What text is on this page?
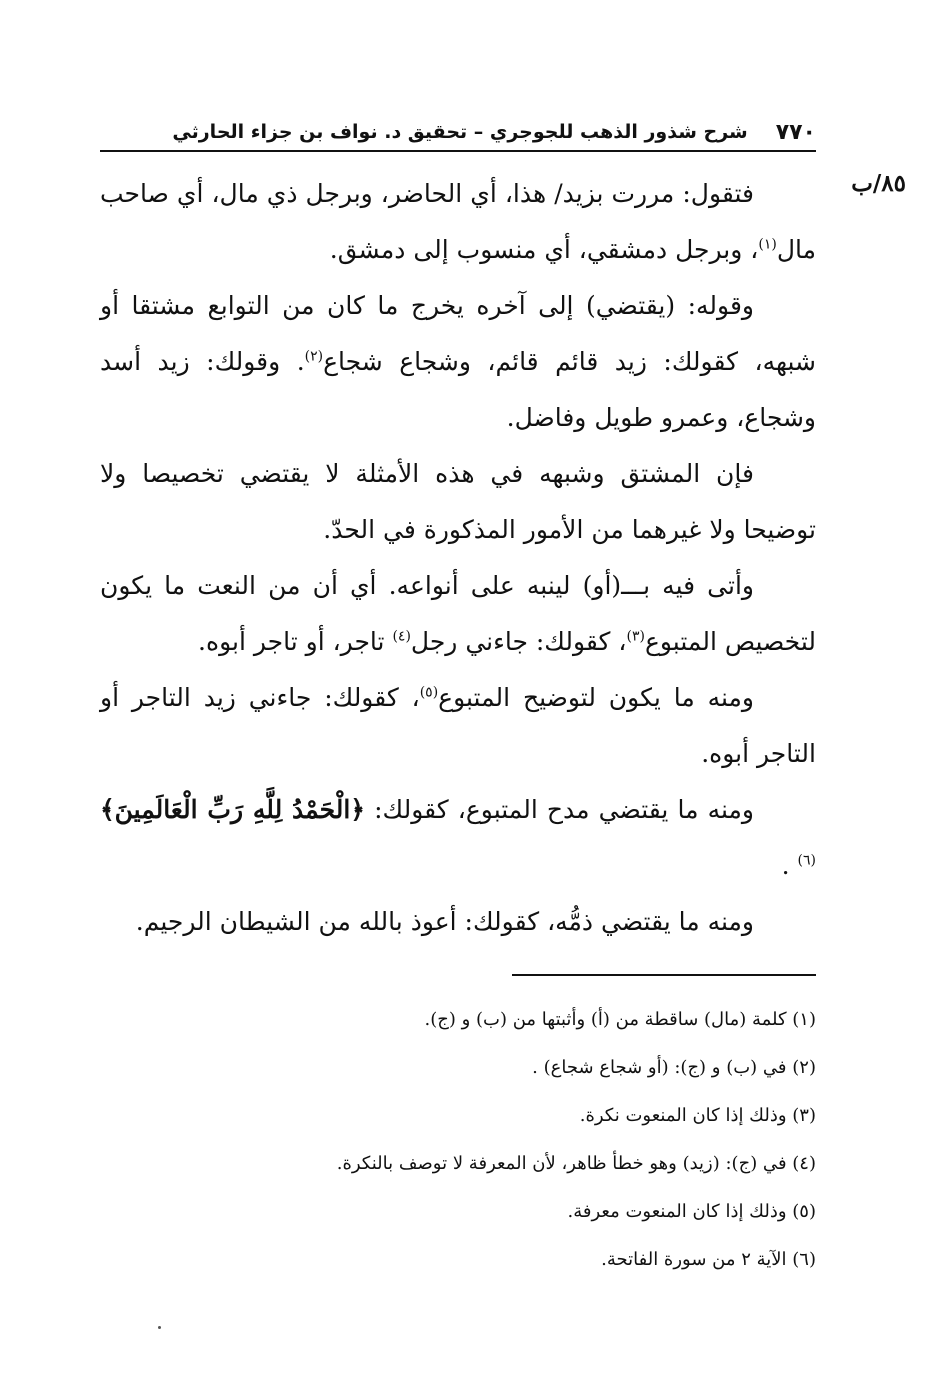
٧٧٠
شرح شذور الذهب للجوجري – تحقيق د. نواف بن جزاء الحارثي
٨٥/ب

فتقول: مررت بزيد/ هذا، أي الحاضر، وبرجل ذي مال، أي صاحب مال$^{(١)}$، وبرجل دمشقي، أي منسوب إلى دمشق.

وقوله: (يقتضي) إلى آخره يخرج ما كان من التوابع مشتقا أو شبهه، كقولك: زيد قائم قائم، وشجاع شجاع$^{(٢)}$. وقولك: زيد أسد وشجاع، وعمرو طويل وفاضل.

فإن المشتق وشبهه في هذه الأمثلة لا يقتضي تخصيصا ولا توضيحا ولا غيرهما من الأمور المذكورة في الحدّ.

وأتى فيه بـــ(أو) لينبه على أنواعه. أي أن من النعت ما يكون لتخصيص المتبوع$^{(٣)}$، كقولك: جاءني رجل$^{(٤)}$ تاجر، أو تاجر أبوه.

ومنه ما يكون لتوضيح المتبوع$^{(٥)}$، كقولك: جاءني زيد التاجر أو التاجر أبوه.

ومنه ما يقتضي مدح المتبوع، كقولك: ﴿الْحَمْدُ لِلَّهِ رَبِّ الْعَالَمِينَ﴾$^{(٦)}$ .

ومنه ما يقتضي ذمُّه، كقولك: أعوذ بالله من الشيطان الرجيم.

(١) كلمة (مال) ساقطة من (أ) وأثبتها من (ب) و (ج).

(٢) في (ب) و (ج): (أو شجاع شجاع) .

(٣) وذلك إذا كان المنعوت نكرة.

(٤) في (ج): (زيد) وهو خطأ ظاهر، لأن المعرفة لا توصف بالنكرة.

(٥) وذلك إذا كان المنعوت معرفة.

(٦) الآية ٢ من سورة الفاتحة.
